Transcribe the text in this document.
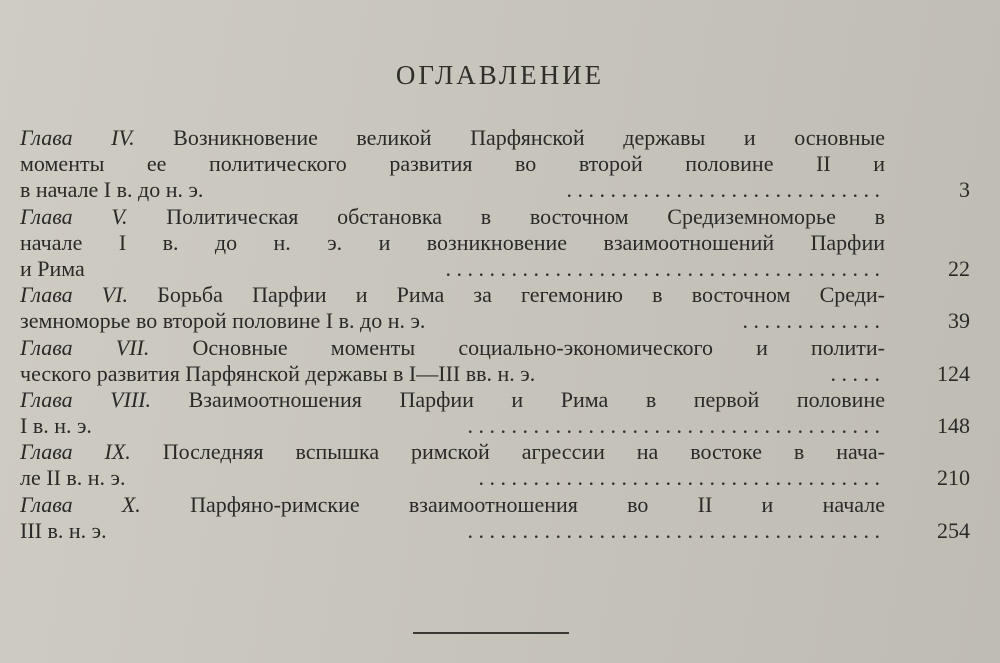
ОГЛАВЛЕНИЕ
Глава IV. Возникновение великой Парфянской державы и основные
моменты ее политического развития во второй половине II и
в начале I в. до н. э.	. . . . . . . . . . . . . . . . . . . . . . . . . . . . .	3
Глава V. Политическая обстановка в восточном Средиземноморье в
начале I в. до н. э. и возникновение взаимоотношений Парфии
и Рима	. . . . . . . . . . . . . . . . . . . . . . . . . . . . . . . . . . . . . . . .	22
Глава VI. Борьба Парфии и Рима за гегемонию в восточном Среди-
земноморье во второй половине I в. до н. э.	. . . . . . . . . . . . .	39
Глава VII. Основные моменты социально-экономического и полити-
ческого развития Парфянской державы в I—III вв. н. э.	. . . . .	124
Глава VIII. Взаимоотношения Парфии и Рима в первой половине
I в. н. э.	. . . . . . . . . . . . . . . . . . . . . . . . . . . . . . . . . . . . . .	148
Глава IX. Последняя вспышка римской агрессии на востоке в нача-
ле II в. н. э.	. . . . . . . . . . . . . . . . . . . . . . . . . . . . . . . . . . . . .	210
Глава X. Парфяно-римские взаимоотношения во II и начале
III в. н. э.	. . . . . . . . . . . . . . . . . . . . . . . . . . . . . . . . . . . . . .	254
